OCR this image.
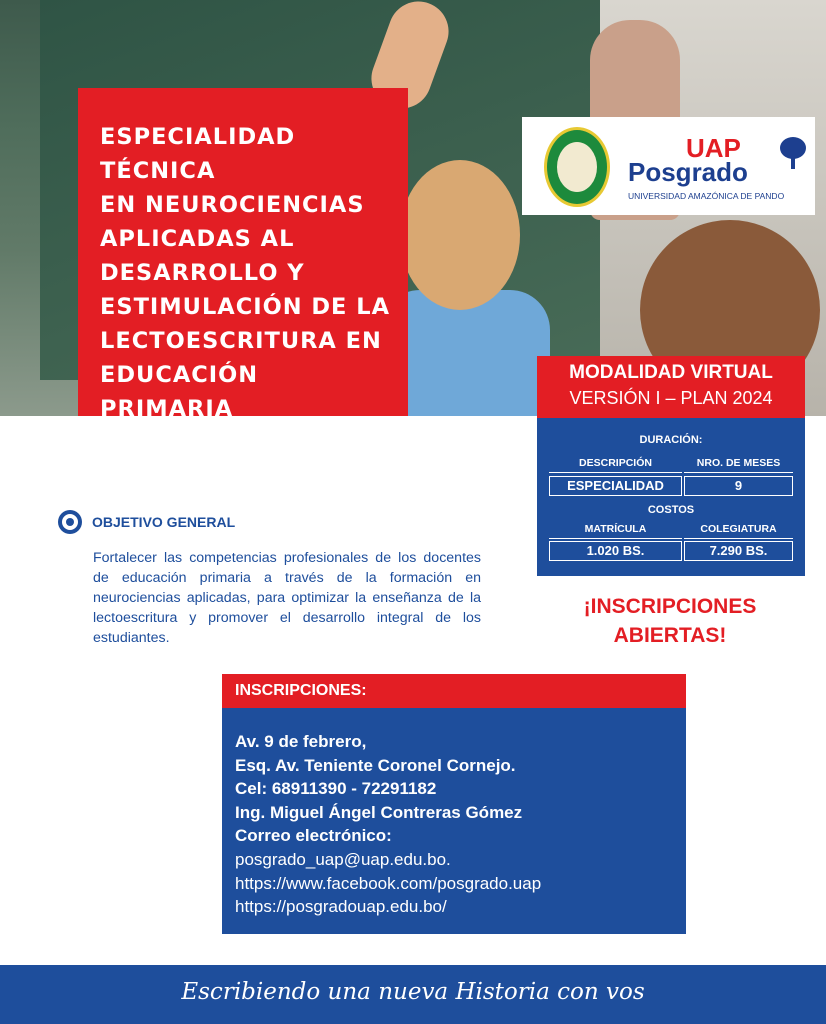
ESPECIALIDAD TÉCNICA
EN NEUROCIENCIAS
APLICADAS AL
DESARROLLO Y
ESTIMULACIÓN DE LA
LECTOESCRITURA EN
EDUCACIÓN PRIMARIA
UAP
Posgrado
UNIVERSIDAD AMAZÓNICA DE PANDO
MODALIDAD VIRTUAL
VERSIÓN I – PLAN 2024
DURACIÓN:
DESCRIPCIÓN	NRO. DE MESES
ESPECIALIDAD	9
COSTOS
MATRÍCULA	COLEGIATURA
1.020 BS.	7.290 BS.
¡INSCRIPCIONES
ABIERTAS!
OBJETIVO GENERAL
Fortalecer las competencias profesionales de los docentes de educación primaria a través de la formación en neurociencias aplicadas, para optimizar la enseñanza de la lectoescritura y promover el desarrollo integral de los estudiantes.
INSCRIPCIONES:
Av. 9 de febrero,
Esq. Av. Teniente Coronel Cornejo.
Cel: 68911390 - 72291182
Ing. Miguel Ángel Contreras Gómez
Correo electrónico:
posgrado_uap@uap.edu.bo.
https://www.facebook.com/posgrado.uap
https://posgradouap.edu.bo/
Escribiendo una nueva Historia con vos
